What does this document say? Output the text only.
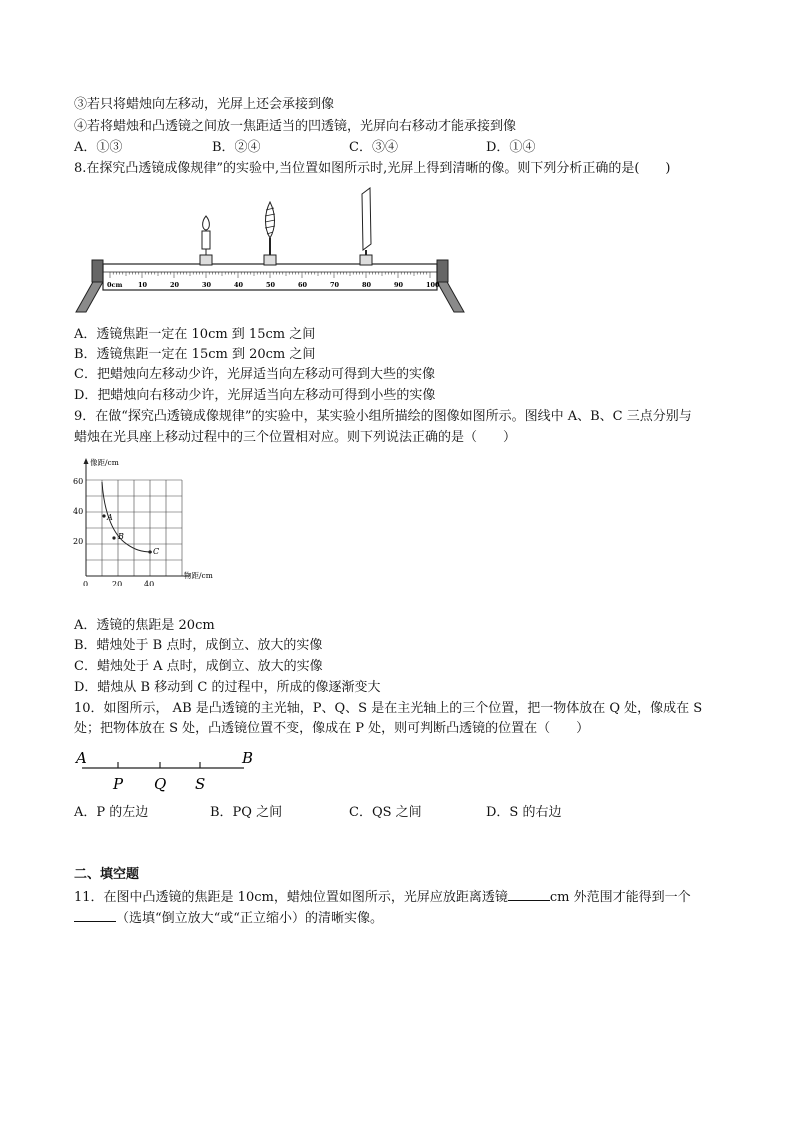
③若只将蜡烛向左移动，光屏上还会承接到像
④若将蜡烛和凸透镜之间放一焦距适当的凹透镜，光屏向右移动才能承接到像
A．①③	B．②④	C．③④	D．①④
8.在探究凸透镜成像规律”的实验中,当位置如图所示时,光屏上得到清晰的像。则下列分析正确的是(　　)
0cm 10	20	30	40	50	60	70	80	90	100
A．透镜焦距一定在 10cm 到 15cm 之间
B．透镜焦距一定在 15cm 到 20cm 之间
C．把蜡烛向左移动少许，光屏适当向左移动可得到大些的实像
D．把蜡烛向右移动少许，光屏适当向左移动可得到小些的实像
9．在做“探究凸透镜成像规律”的实验中，某实验小组所描绘的图像如图所示。图线中 A、B、C 三点分别与
蜡烛在光具座上移动过程中的三个位置相对应。则下列说法正确的是（　　）
像距/cm
物距/cm
20
40
60
0	20	40
A
B
C
A．透镜的焦距是 20cm
B．蜡烛处于 B 点时，成倒立、放大的实像
C．蜡烛处于 A 点时，成倒立、放大的实像
D．蜡烛从 B 移动到 C 的过程中，所成的像逐渐变大
10．如图所示， AB 是凸透镜的主光轴，P、Q、S 是在主光轴上的三个位置，把一物体放在 Q 处，像成在 S
处；把物体放在 S 处，凸透镜位置不变，像成在 P 处，则可判断凸透镜的位置在（　　）
A	B
P Q S
A．P 的左边	B．PQ 之间	C．QS 之间	D．S 的右边
二、填空题
11．在图中凸透镜的焦距是 10cm，蜡烛位置如图所示，光屏应放距离透镜	cm 外范围才能得到一个
（选填“倒立放大“或“正立缩小）的清晰实像。
